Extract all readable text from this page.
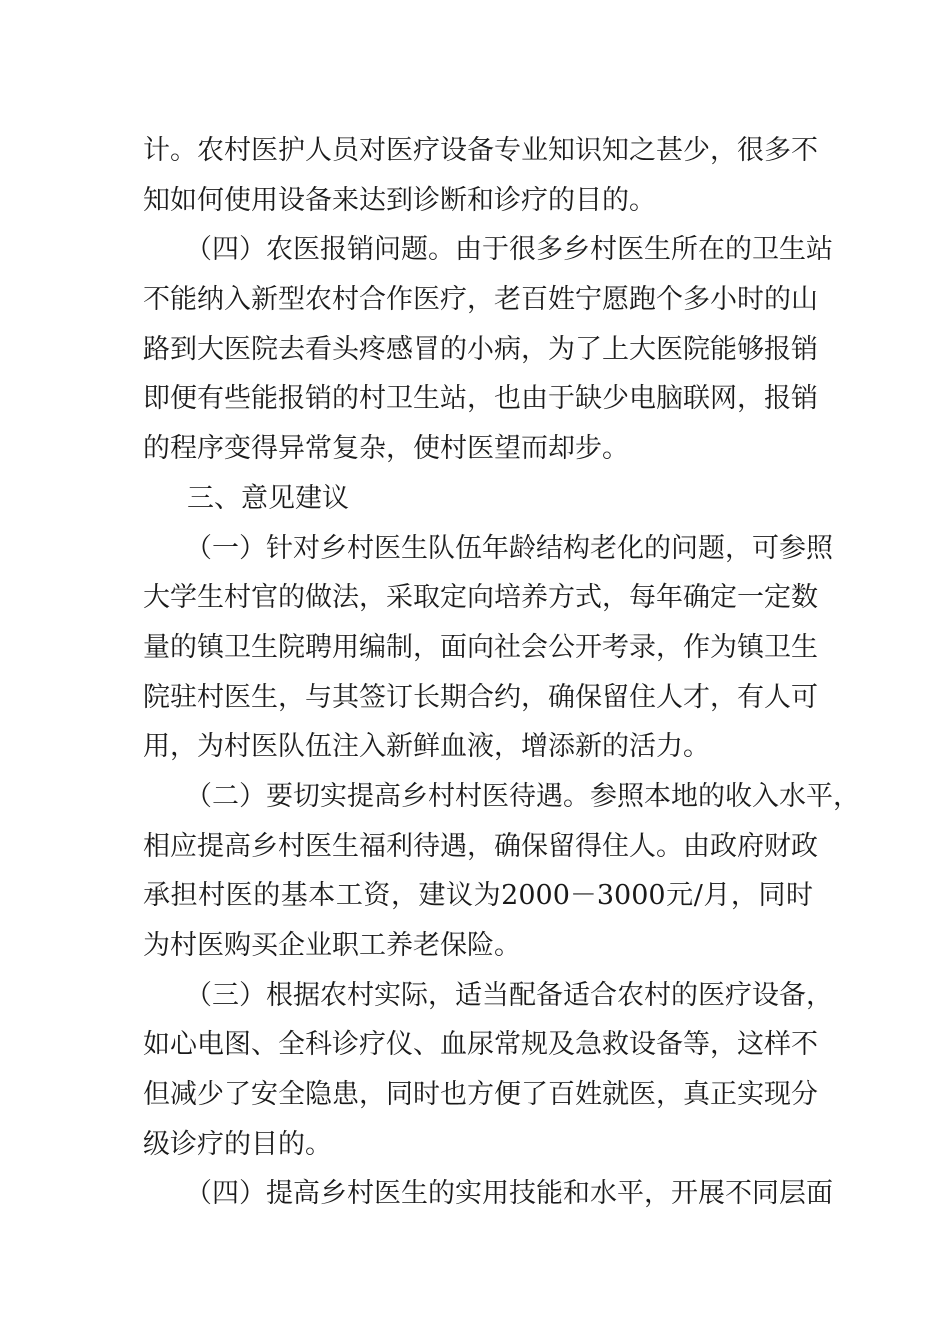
计。农村医护人员对医疗设备专业知识知之甚少，很多不
知如何使用设备来达到诊断和诊疗的目的。
（四）农医报销问题。由于很多乡村医生所在的卫生站
不能纳入新型农村合作医疗，老百姓宁愿跑个多小时的山
路到大医院去看头疼感冒的小病，为了上大医院能够报销
即便有些能报销的村卫生站，也由于缺少电脑联网，报销
的程序变得异常复杂，使村医望而却步。
三、意见建议
（一）针对乡村医生队伍年龄结构老化的问题，可参照
大学生村官的做法，采取定向培养方式，每年确定一定数
量的镇卫生院聘用编制，面向社会公开考录，作为镇卫生
院驻村医生，与其签订长期合约，确保留住人才，有人可
用，为村医队伍注入新鲜血液，增添新的活力。
（二）要切实提高乡村村医待遇。参照本地的收入水平，
相应提高乡村医生福利待遇，确保留得住人。由政府财政
承担村医的基本工资，建议为2000－3000元/月，同时
为村医购买企业职工养老保险。
（三）根据农村实际，适当配备适合农村的医疗设备，
如心电图、全科诊疗仪、血尿常规及急救设备等，这样不
但减少了安全隐患，同时也方便了百姓就医，真正实现分
级诊疗的目的。
（四）提高乡村医生的实用技能和水平，开展不同层面
